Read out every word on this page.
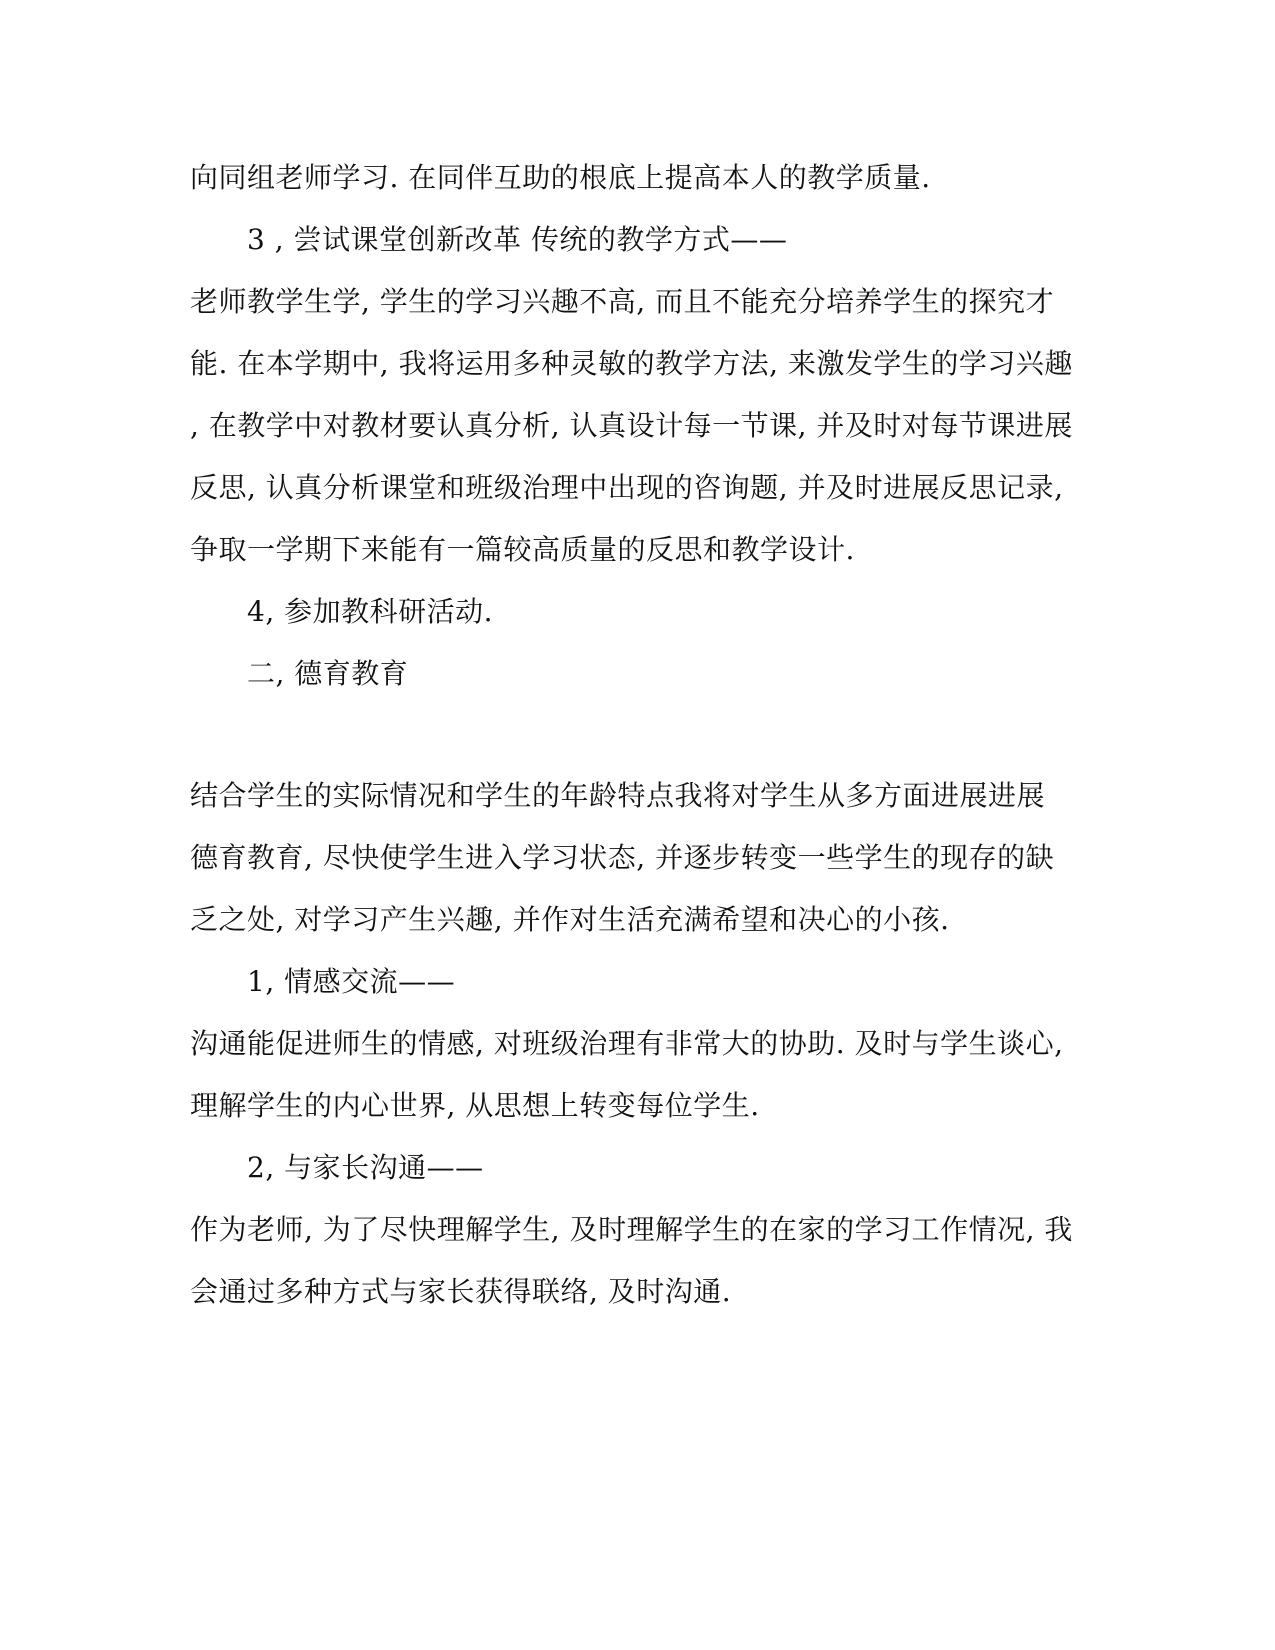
向同组老师学习. 在同伴互助的根底上提高本人的教学质量.
3 , 尝试课堂创新改革 传统的教学方式——
老师教学生学, 学生的学习兴趣不高, 而且不能充分培养学生的探究才
能. 在本学期中, 我将运用多种灵敏的教学方法, 来激发学生的学习兴趣
, 在教学中对教材要认真分析, 认真设计每一节课, 并及时对每节课进展
反思, 认真分析课堂和班级治理中出现的咨询题, 并及时进展反思记录,
争取一学期下来能有一篇较高质量的反思和教学设计.
4, 参加教科研活动.
二, 德育教育
结合学生的实际情况和学生的年龄特点我将对学生从多方面进展进展
德育教育, 尽快使学生进入学习状态, 并逐步转变一些学生的现存的缺
乏之处, 对学习产生兴趣, 并作对生活充满希望和决心的小孩.
1, 情感交流——
沟通能促进师生的情感, 对班级治理有非常大的协助. 及时与学生谈心,
理解学生的内心世界, 从思想上转变每位学生.
2, 与家长沟通——
作为老师, 为了尽快理解学生, 及时理解学生的在家的学习工作情况, 我
会通过多种方式与家长获得联络, 及时沟通.
